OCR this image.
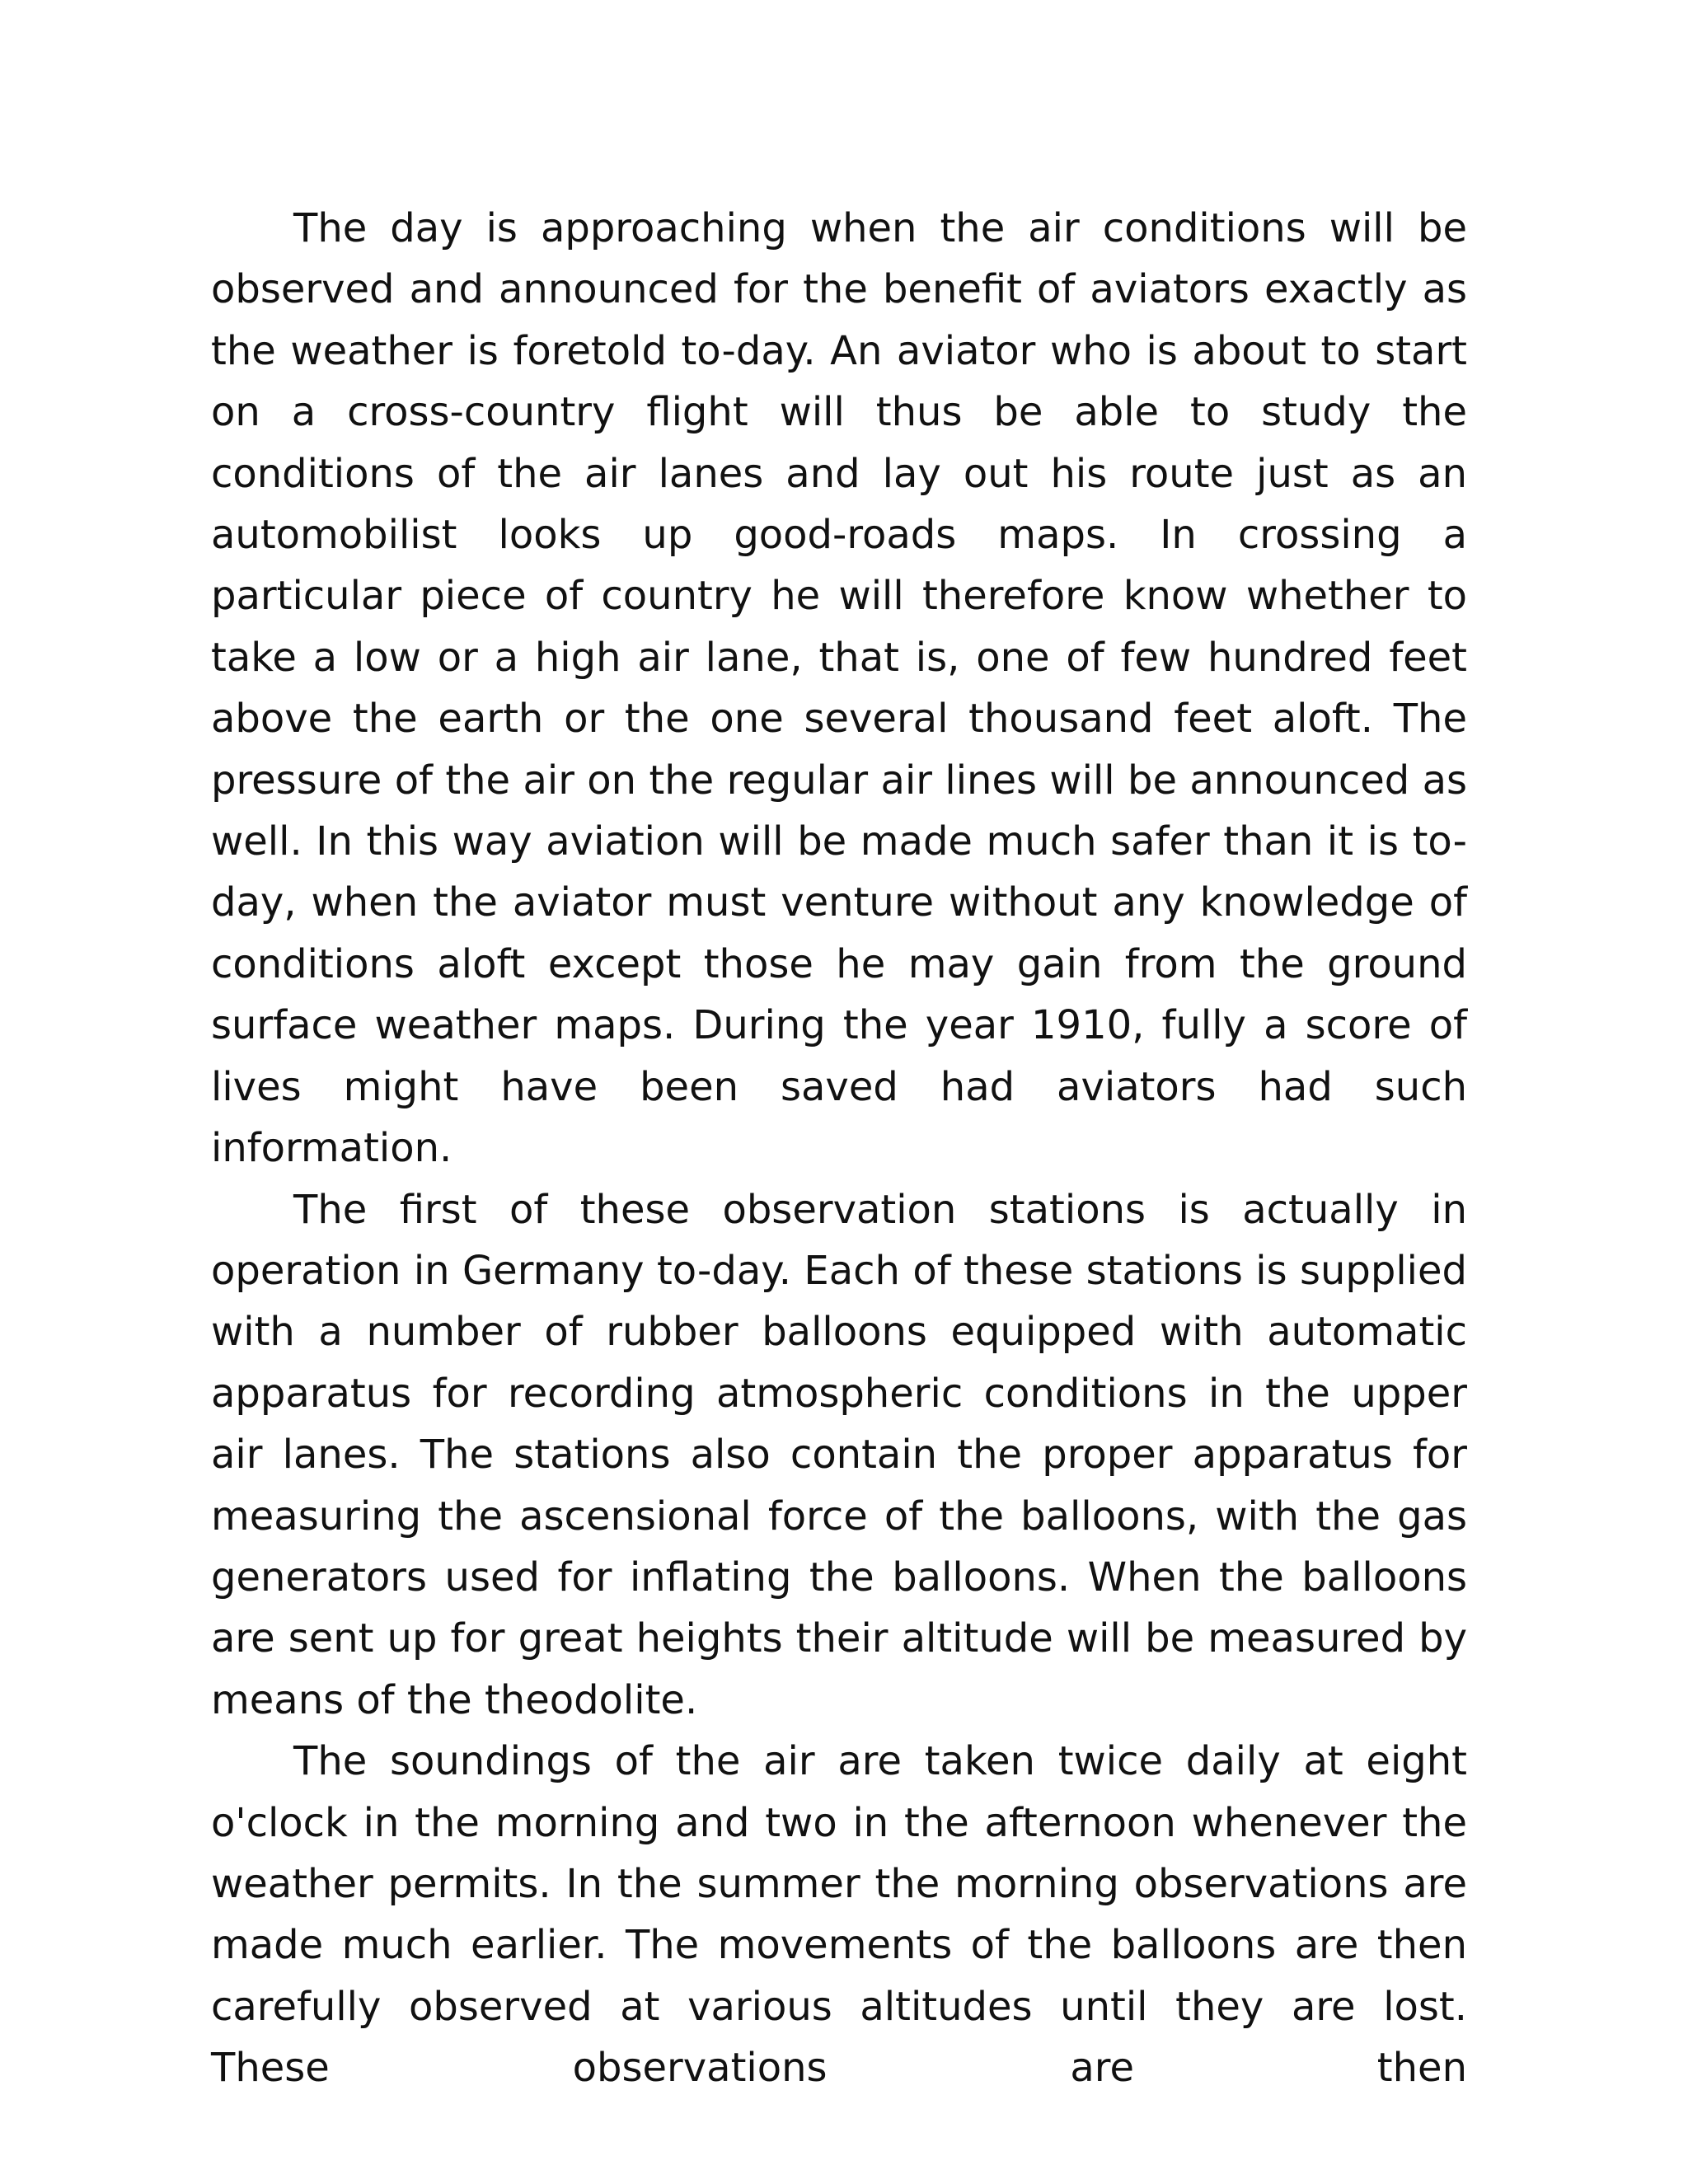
The day is approaching when the air conditions will be observed and announced for the benefit of aviators exactly as the weather is foretold to-day. An aviator who is about to start on a cross-country flight will thus be able to study the conditions of the air lanes and lay out his route just as an automobilist looks up good-roads maps. In crossing a particular piece of country he will therefore know whether to take a low or a high air lane, that is, one of few hundred feet above the earth or the one several thousand feet aloft. The pressure of the air on the regular air lines will be announced as well. In this way aviation will be made much safer than it is to-day, when the aviator must venture without any knowledge of conditions aloft except those he may gain from the ground surface weather maps. During the year 1910, fully a score of lives might have been saved had aviators had such information.

The first of these observation stations is actually in operation in Germany to-day. Each of these stations is supplied with a number of rubber balloons equipped with automatic apparatus for recording atmospheric conditions in the upper air lanes. The stations also contain the proper apparatus for measuring the ascensional force of the balloons, with the gas generators used for inflating the balloons. When the balloons are sent up for great heights their altitude will be measured by means of the theodolite.

The soundings of the air are taken twice daily at eight o'clock in the morning and two in the afternoon whenever the weather permits. In the summer the morning observations are made much earlier. The movements of the balloons are then carefully observed at various altitudes until they are lost. These observations are then
